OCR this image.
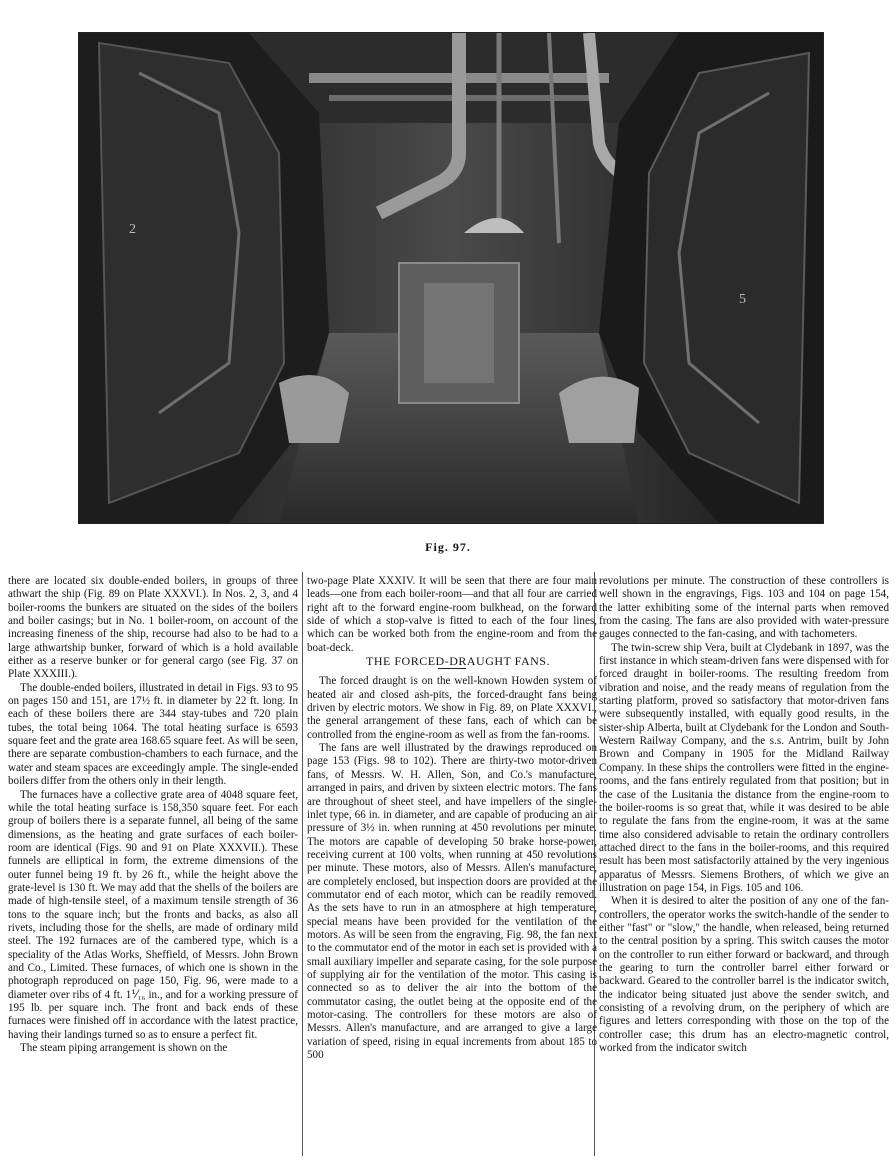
2
5
Fig. 97.

there are located six double-ended boilers, in groups of three athwart the ship (Fig. 89 on Plate XXXVI.). In Nos. 2, 3, and 4 boiler-rooms the bunkers are situated on the sides of the boilers and boiler casings; but in No. 1 boiler-room, on account of the increasing fineness of the ship, recourse had also to be had to a large athwartship bunker, forward of which is a hold available either as a reserve bunker or for general cargo (see Fig. 37 on Plate XXXIII.).

The double-ended boilers, illustrated in detail in Figs. 93 to 95 on pages 150 and 151, are 17½ ft. in diameter by 22 ft. long. In each of these boilers there are 344 stay-tubes and 720 plain tubes, the total being 1064. The total heating surface is 6593 square feet and the grate area 168.65 square feet. As will be seen, there are separate combustion-chambers to each furnace, and the water and steam spaces are exceedingly ample. The single-ended boilers differ from the others only in their length.

The furnaces have a collective grate area of 4048 square feet, while the total heating surface is 158,350 square feet. For each group of boilers there is a separate funnel, all being of the same dimensions, as the heating and grate surfaces of each boiler-room are identical (Figs. 90 and 91 on Plate XXXVII.). These funnels are elliptical in form, the extreme dimensions of the outer funnel being 19 ft. by 26 ft., while the height above the grate-level is 130 ft. We may add that the shells of the boilers are made of high-tensile steel, of a maximum tensile strength of 36 tons to the square inch; but the fronts and backs, as also all rivets, including those for the shells, are made of ordinary mild steel. The 192 furnaces are of the cambered type, which is a speciality of the Atlas Works, Sheffield, of Messrs. John Brown and Co., Limited. These furnaces, of which one is shown in the photograph reproduced on page 150, Fig. 96, were made to a diameter over ribs of 4 ft. 1⅟₁₆ in., and for a working pressure of 195 lb. per square inch. The front and back ends of these furnaces were finished off in accordance with the latest practice, having their landings turned so as to ensure a perfect fit.

The steam piping arrangement is shown on the

two-page Plate XXXIV. It will be seen that there are four main leads—one from each boiler-room—and that all four are carried right aft to the forward engine-room bulkhead, on the forward side of which a stop-valve is fitted to each of the four lines, which can be worked both from the engine-room and from the boat-deck.

THE FORCED-DRAUGHT FANS.

The forced draught is on the well-known Howden system of heated air and closed ash-pits, the forced-draught fans being driven by electric motors. We show in Fig. 89, on Plate XXXVI., the general arrangement of these fans, each of which can be controlled from the engine-room as well as from the fan-rooms.

The fans are well illustrated by the drawings reproduced on page 153 (Figs. 98 to 102). There are thirty-two motor-driven fans, of Messrs. W. H. Allen, Son, and Co.'s manufacture, arranged in pairs, and driven by sixteen electric motors. The fans are throughout of sheet steel, and have impellers of the single-inlet type, 66 in. in diameter, and are capable of producing an air pressure of 3½ in. when running at 450 revolutions per minute. The motors are capable of developing 50 brake horse-power, receiving current at 100 volts, when running at 450 revolutions per minute. These motors, also of Messrs. Allen's manufacture, are completely enclosed, but inspection doors are provided at the commutator end of each motor, which can be readily removed. As the sets have to run in an atmosphere at high temperature, special means have been provided for the ventilation of the motors. As will be seen from the engraving, Fig. 98, the fan next to the commutator end of the motor in each set is provided with a small auxiliary impeller and separate casing, for the sole purpose of supplying air for the ventilation of the motor. This casing is connected so as to deliver the air into the bottom of the commutator casing, the outlet being at the opposite end of the motor-casing. The controllers for these motors are also of Messrs. Allen's manufacture, and are arranged to give a large variation of speed, rising in equal increments from about 185 to 500

revolutions per minute. The construction of these controllers is well shown in the engravings, Figs. 103 and 104 on page 154, the latter exhibiting some of the internal parts when removed from the casing. The fans are also provided with water-pressure gauges connected to the fan-casing, and with tachometers.

The twin-screw ship Vera, built at Clydebank in 1897, was the first instance in which steam-driven fans were dispensed with for forced draught in boiler-rooms. The resulting freedom from vibration and noise, and the ready means of regulation from the starting platform, proved so satisfactory that motor-driven fans were subsequently installed, with equally good results, in the sister-ship Alberta, built at Clydebank for the London and South-Western Railway Company, and the s.s. Antrim, built by John Brown and Company in 1905 for the Midland Railway Company. In these ships the controllers were fitted in the engine-rooms, and the fans entirely regulated from that position; but in the case of the Lusitania the distance from the engine-room to the boiler-rooms is so great that, while it was desired to be able to regulate the fans from the engine-room, it was at the same time also considered advisable to retain the ordinary controllers attached direct to the fans in the boiler-rooms, and this required result has been most satisfactorily attained by the very ingenious apparatus of Messrs. Siemens Brothers, of which we give an illustration on page 154, in Figs. 105 and 106.

When it is desired to alter the position of any one of the fan-controllers, the operator works the switch-handle of the sender to either "fast" or "slow," the handle, when released, being returned to the central position by a spring. This switch causes the motor on the controller to run either forward or backward, and through the gearing to turn the controller barrel either forward or backward. Geared to the controller barrel is the indicator switch, the indicator being situated just above the sender switch, and consisting of a revolving drum, on the periphery of which are figures and letters corresponding with those on the top of the controller case; this drum has an electro-magnetic control, worked from the indicator switch
